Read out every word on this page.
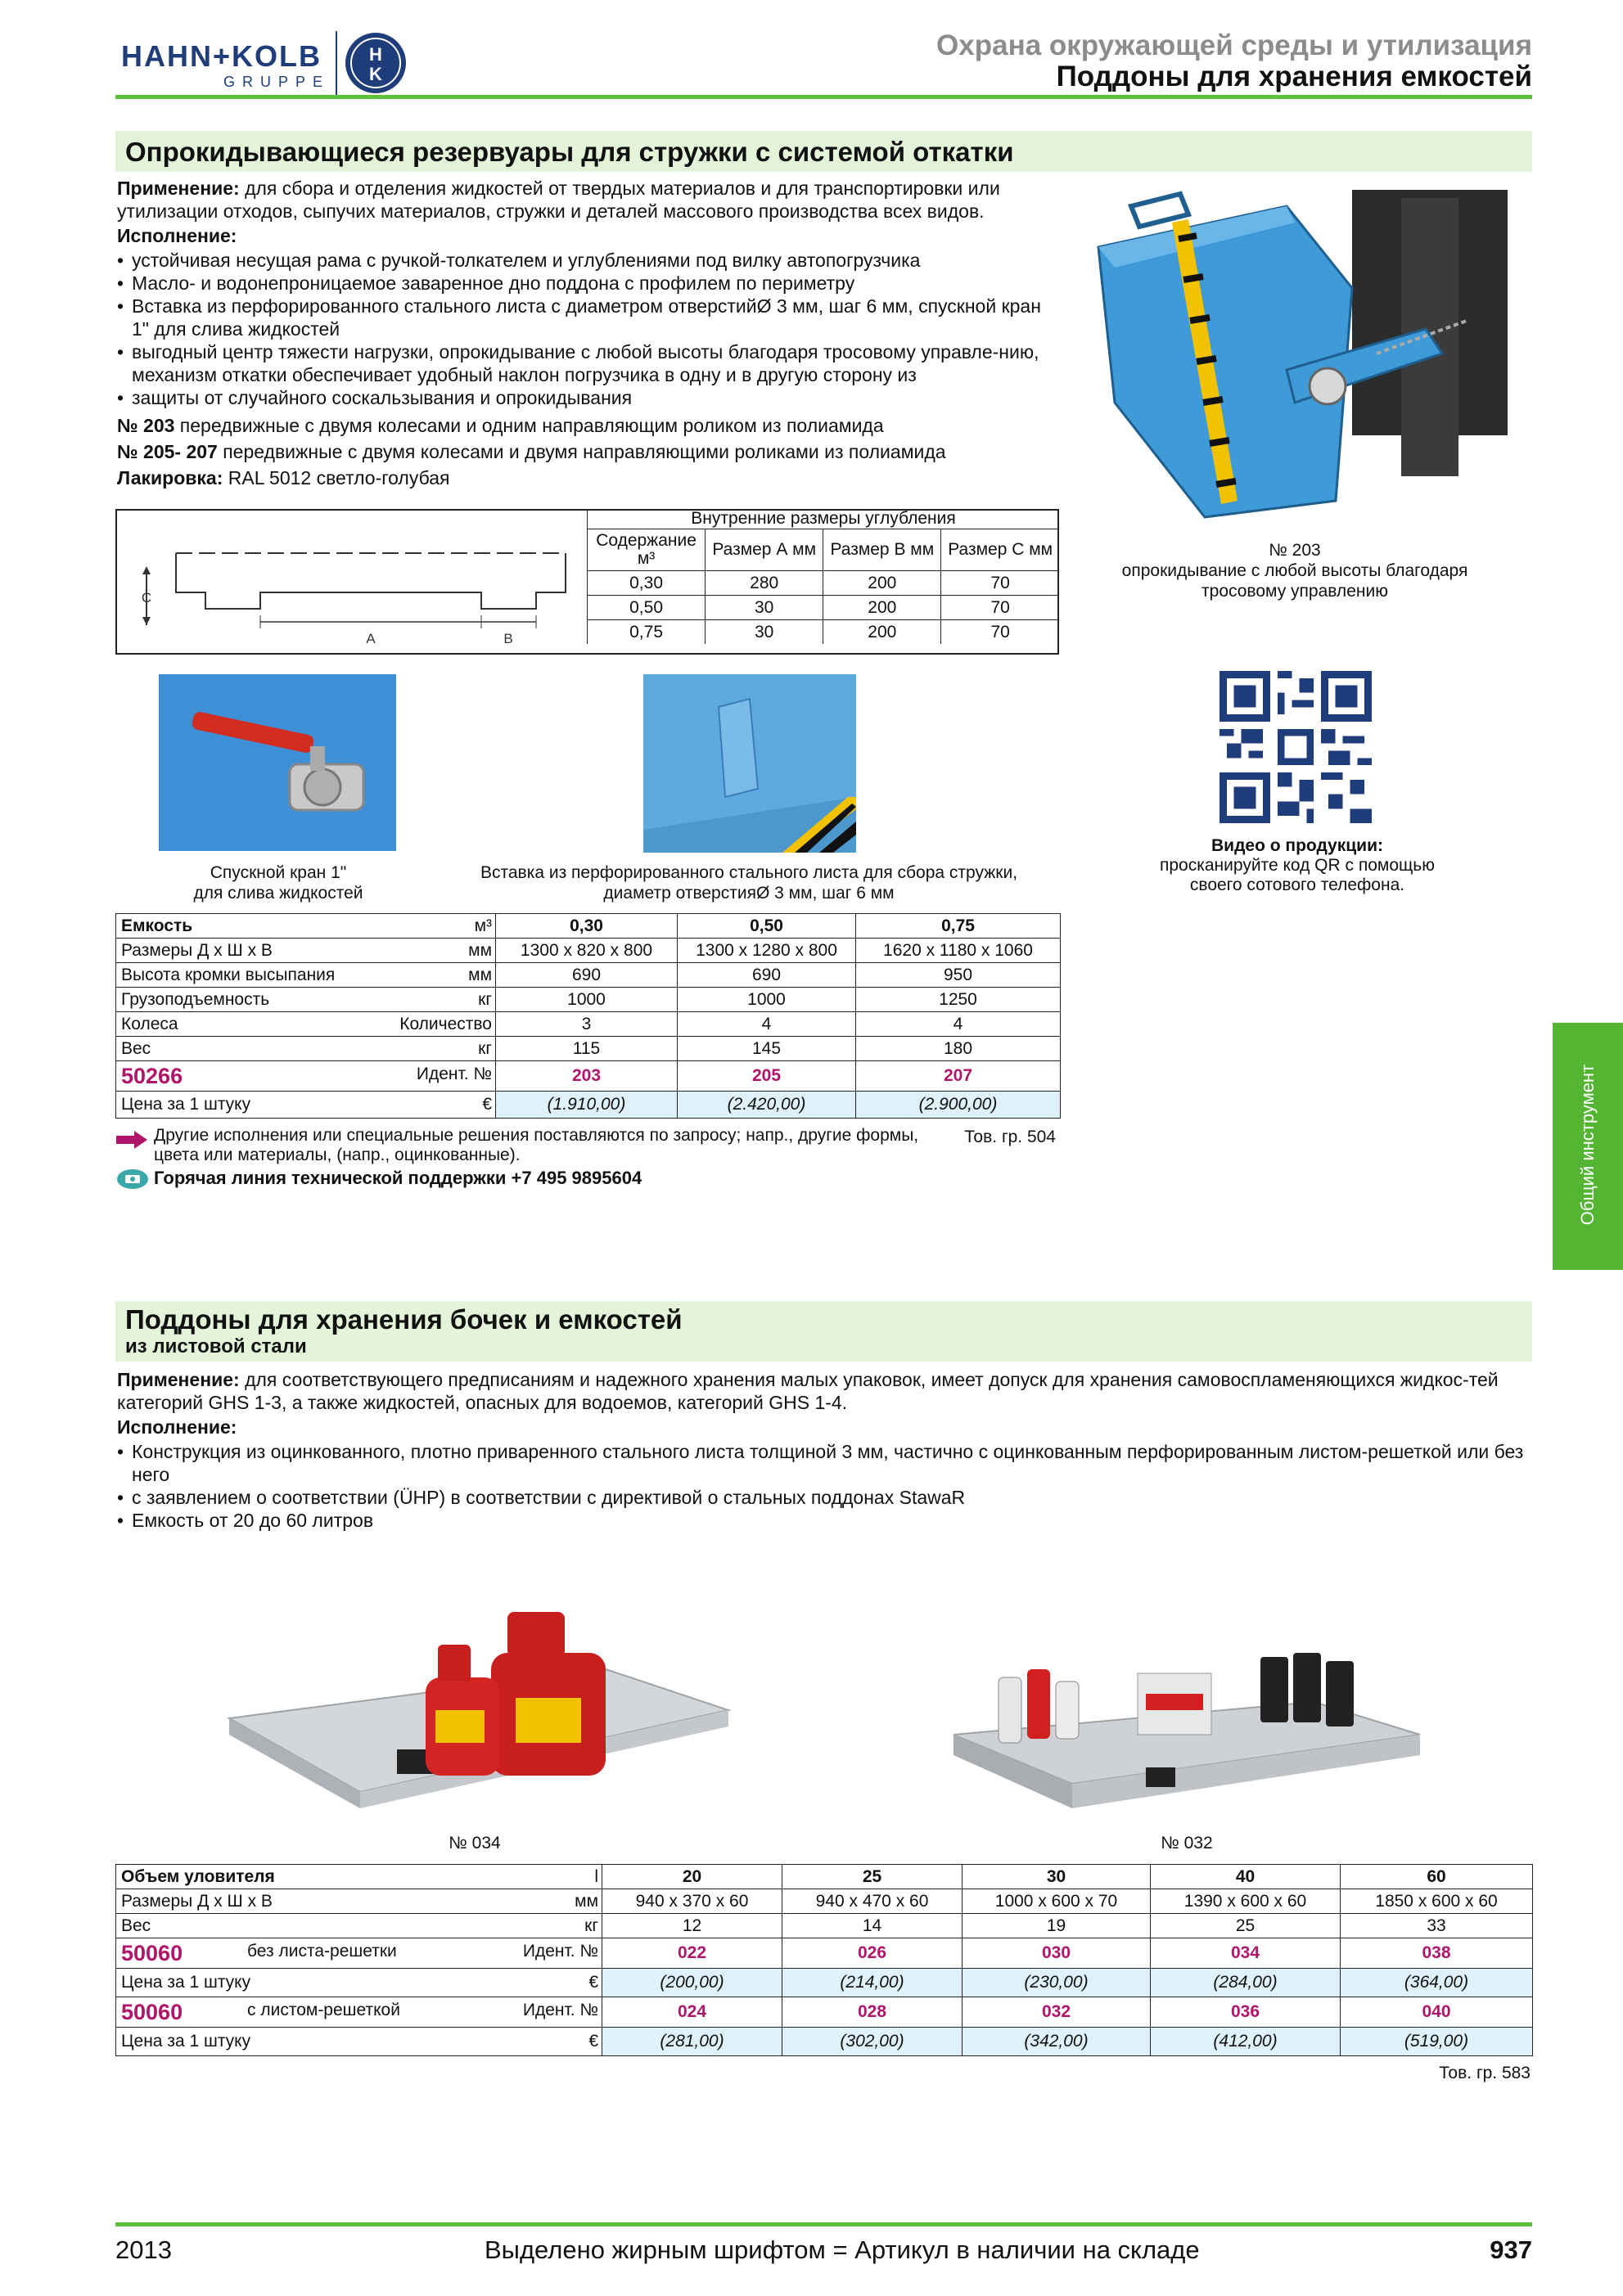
HAHN+KOLB
GRUPPE
H
K
Охрана окружающей среды и утилизация
Поддоны для хранения емкостей
Опрокидывающиеся резервуары для стружки с системой откатки
Применение: для сбора и отделения жидкостей от твердых материалов и для транспортировки или утилизации отходов, сыпучих материалов, стружки и деталей массового производства всех видов.
Исполнение:
• устойчивая несущая рама с ручкой-толкателем и углублениями под вилку автопогрузчика
• Масло- и водонепроницаемое заваренное дно поддона с профилем по периметру
• Вставка из перфорированного стального листа с диаметром отверстийØ 3 мм, шаг 6 мм, спускной кран 1" для слива жидкостей
• выгодный центр тяжести нагрузки, опрокидывание с любой высоты благодаря тросовому управле-нию, механизм откатки обеспечивает удобный наклон погрузчика в одну и в другую сторону из
• защиты от случайного соскальзывания и опрокидывания
№ 203 передвижные с двумя колесами и одним направляющим роликом из полиамида
№ 205- 207 передвижные с двумя колесами и двумя направляющими роликами из полиамида
Лакировка: RAL 5012 светло-голубая
№ 203
опрокидывание с любой высоты благодаря
тросовому управлению
A	B
C
Внутренние размеры углубления			
Содержание м³	Размер А мм	Размер B мм	Размер C мм
0,30	280	200	70
0,50	30	200	70
0,75	30	200	70
Спускной кран 1"
для слива жидкостей
Вставка из перфорированного стального листа для сбора стружки,
диаметр отверстияØ 3 мм, шаг 6 мм
Видео о продукции:
просканируйте код QR с помощью
своего сотового телефона.
Емкость м³	0,30	0,50	0,75
Размеры Д х Ш х В мм	1300 x 820 x 800	1300 x 1280 x 800	1620 x 1180 x 1060
Высота кромки высыпания мм	690	690	950
Грузоподъемность кг	1000	1000	1250
Колеса Количество	3	4	4
Вес кг	115	145	180
50266 Идент. №	203	205	207
Цена за 1 штуку €	(1.910,00)	(2.420,00)	(2.900,00)
Другие исполнения или специальные решения поставляются по запросу; напр., другие формы, цвета или материалы, (напр., оцинкованные).
Тов. гр. 504
Горячая линия технической поддержки +7 495 9895604	Общий инструмент
Поддоны для хранения бочек и емкостей
из листовой стали
Применение: для соответствующего предписаниям и надежного хранения малых упаковок, имеет допуск для хранения самовоспламеняющихся жидкос-тей категорий GHS 1-3, а также жидкостей, опасных для водоемов, категорий GHS 1-4.
Исполнение:
• Конструкция из оцинкованного, плотно приваренного стального листа толщиной 3 мм, частично с оцинкованным перфорированным листом-решеткой или без него
• с заявлением о соответствии (ÜHP) в соответствии с директивой о стальных поддонах StawaR
• Емкость от 20 до 60 литров
№ 034	№ 032
Объем уловителя l	20	25	30	40	60
Размеры Д х Ш х В мм	940 x 370 x 60	940 x 470 x 60	1000 x 600 x 70	1390 x 600 x 60	1850 x 600 x 60
Вес кг	12	14	19	25	33
50060 без листа-решетки Идент. №	022	026	030	034	038
Цена за 1 штуку €	(200,00)	(214,00)	(230,00)	(284,00)	(364,00)
50060 с листом-решеткой Идент. №	024	028	032	036	040
Цена за 1 штуку €	(281,00)	(302,00)	(342,00)	(412,00)	(519,00)
Тов. гр. 583
2013	Выделено жирным шрифтом = Артикул в наличии на складе	937
